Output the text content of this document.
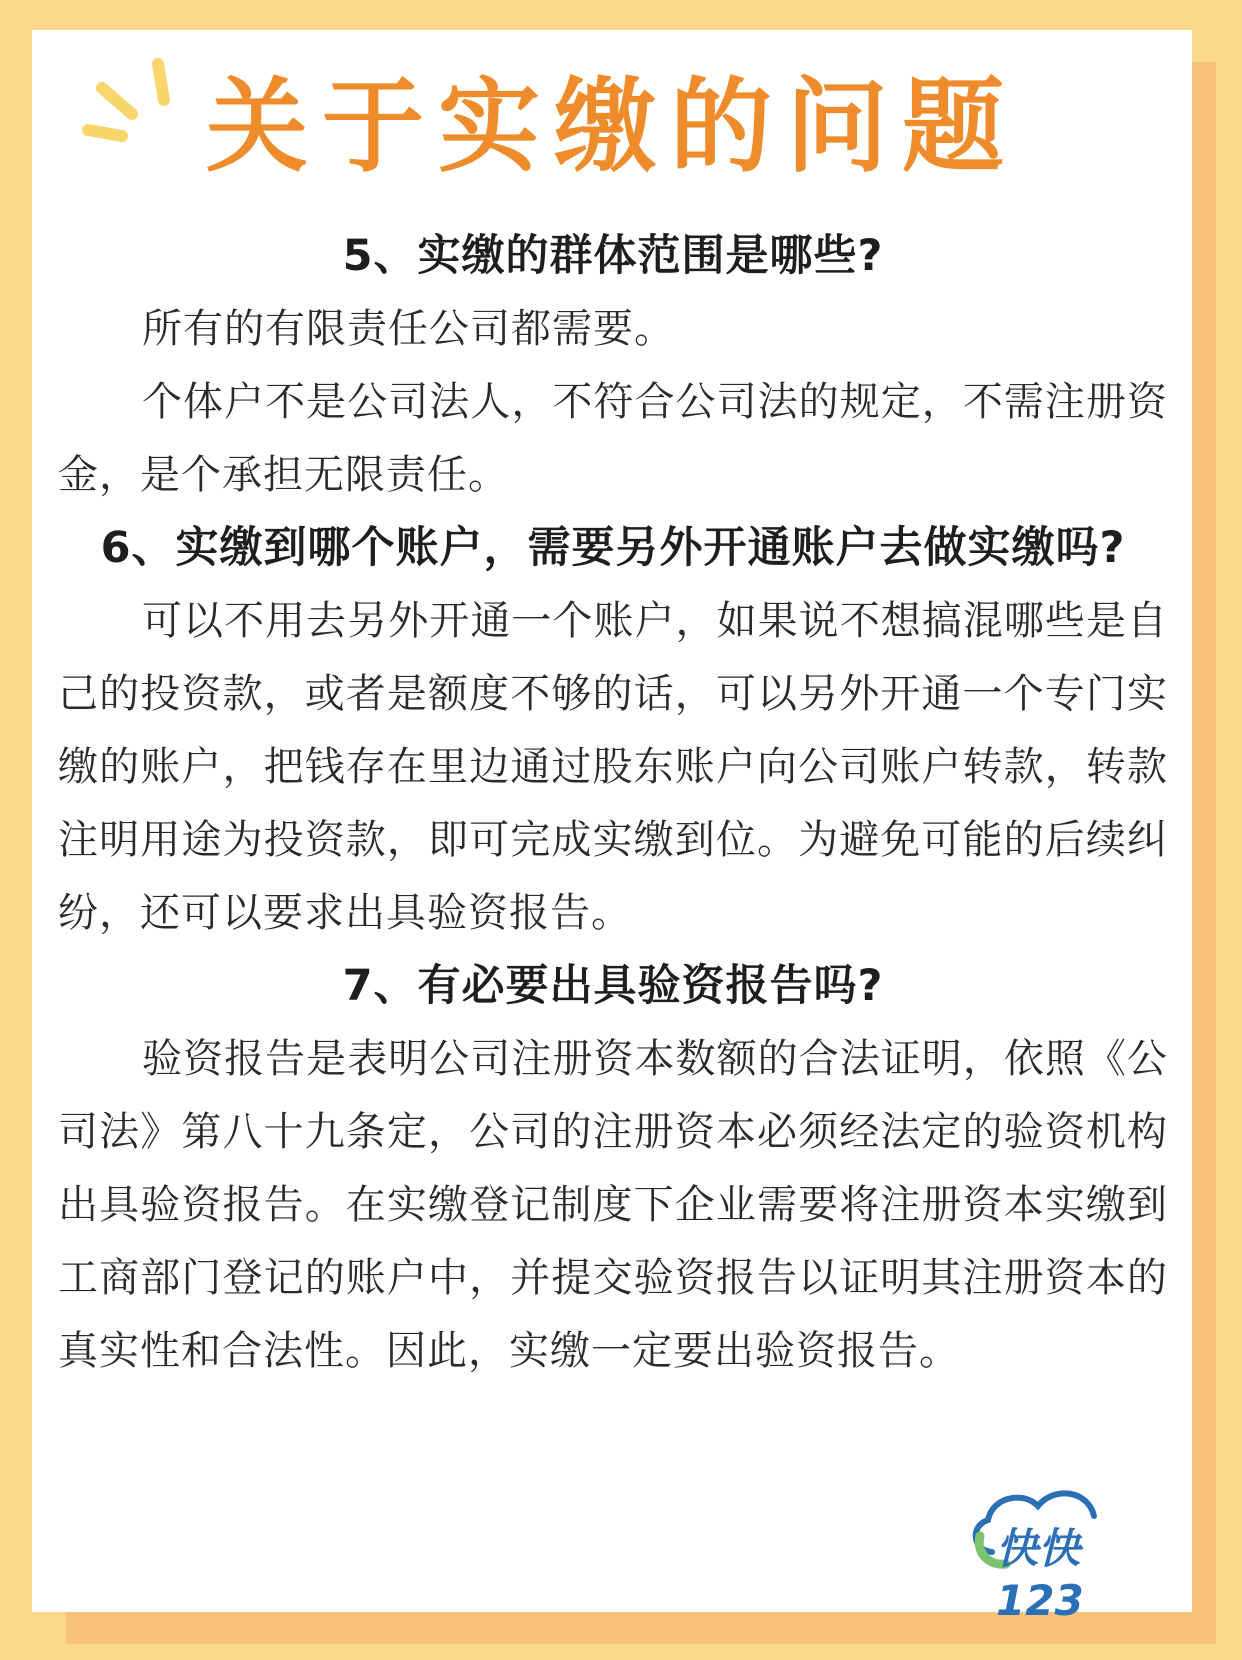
关于实缴的问题
5、实缴的群体范围是哪些?

所有的有限责任公司都需要。

个体户不是公司法人，不符合公司法的规定，不需注册资金，是个承担无限责任。

6、实缴到哪个账户，需要另外开通账户去做实缴吗?

可以不用去另外开通一个账户，如果说不想搞混哪些是自己的投资款，或者是额度不够的话，可以另外开通一个专门实缴的账户，把钱存在里边通过股东账户向公司账户转款，转款注明用途为投资款，即可完成实缴到位。为避免可能的后续纠纷，还可以要求出具验资报告。

7、有必要出具验资报告吗?

验资报告是表明公司注册资本数额的合法证明，依照《公司法》第八十九条定，公司的注册资本必须经法定的验资机构出具验资报告。在实缴登记制度下企业需要将注册资本实缴到工商部门登记的账户中，并提交验资报告以证明其注册资本的真实性和合法性。因此，实缴一定要出验资报告。

快快123
